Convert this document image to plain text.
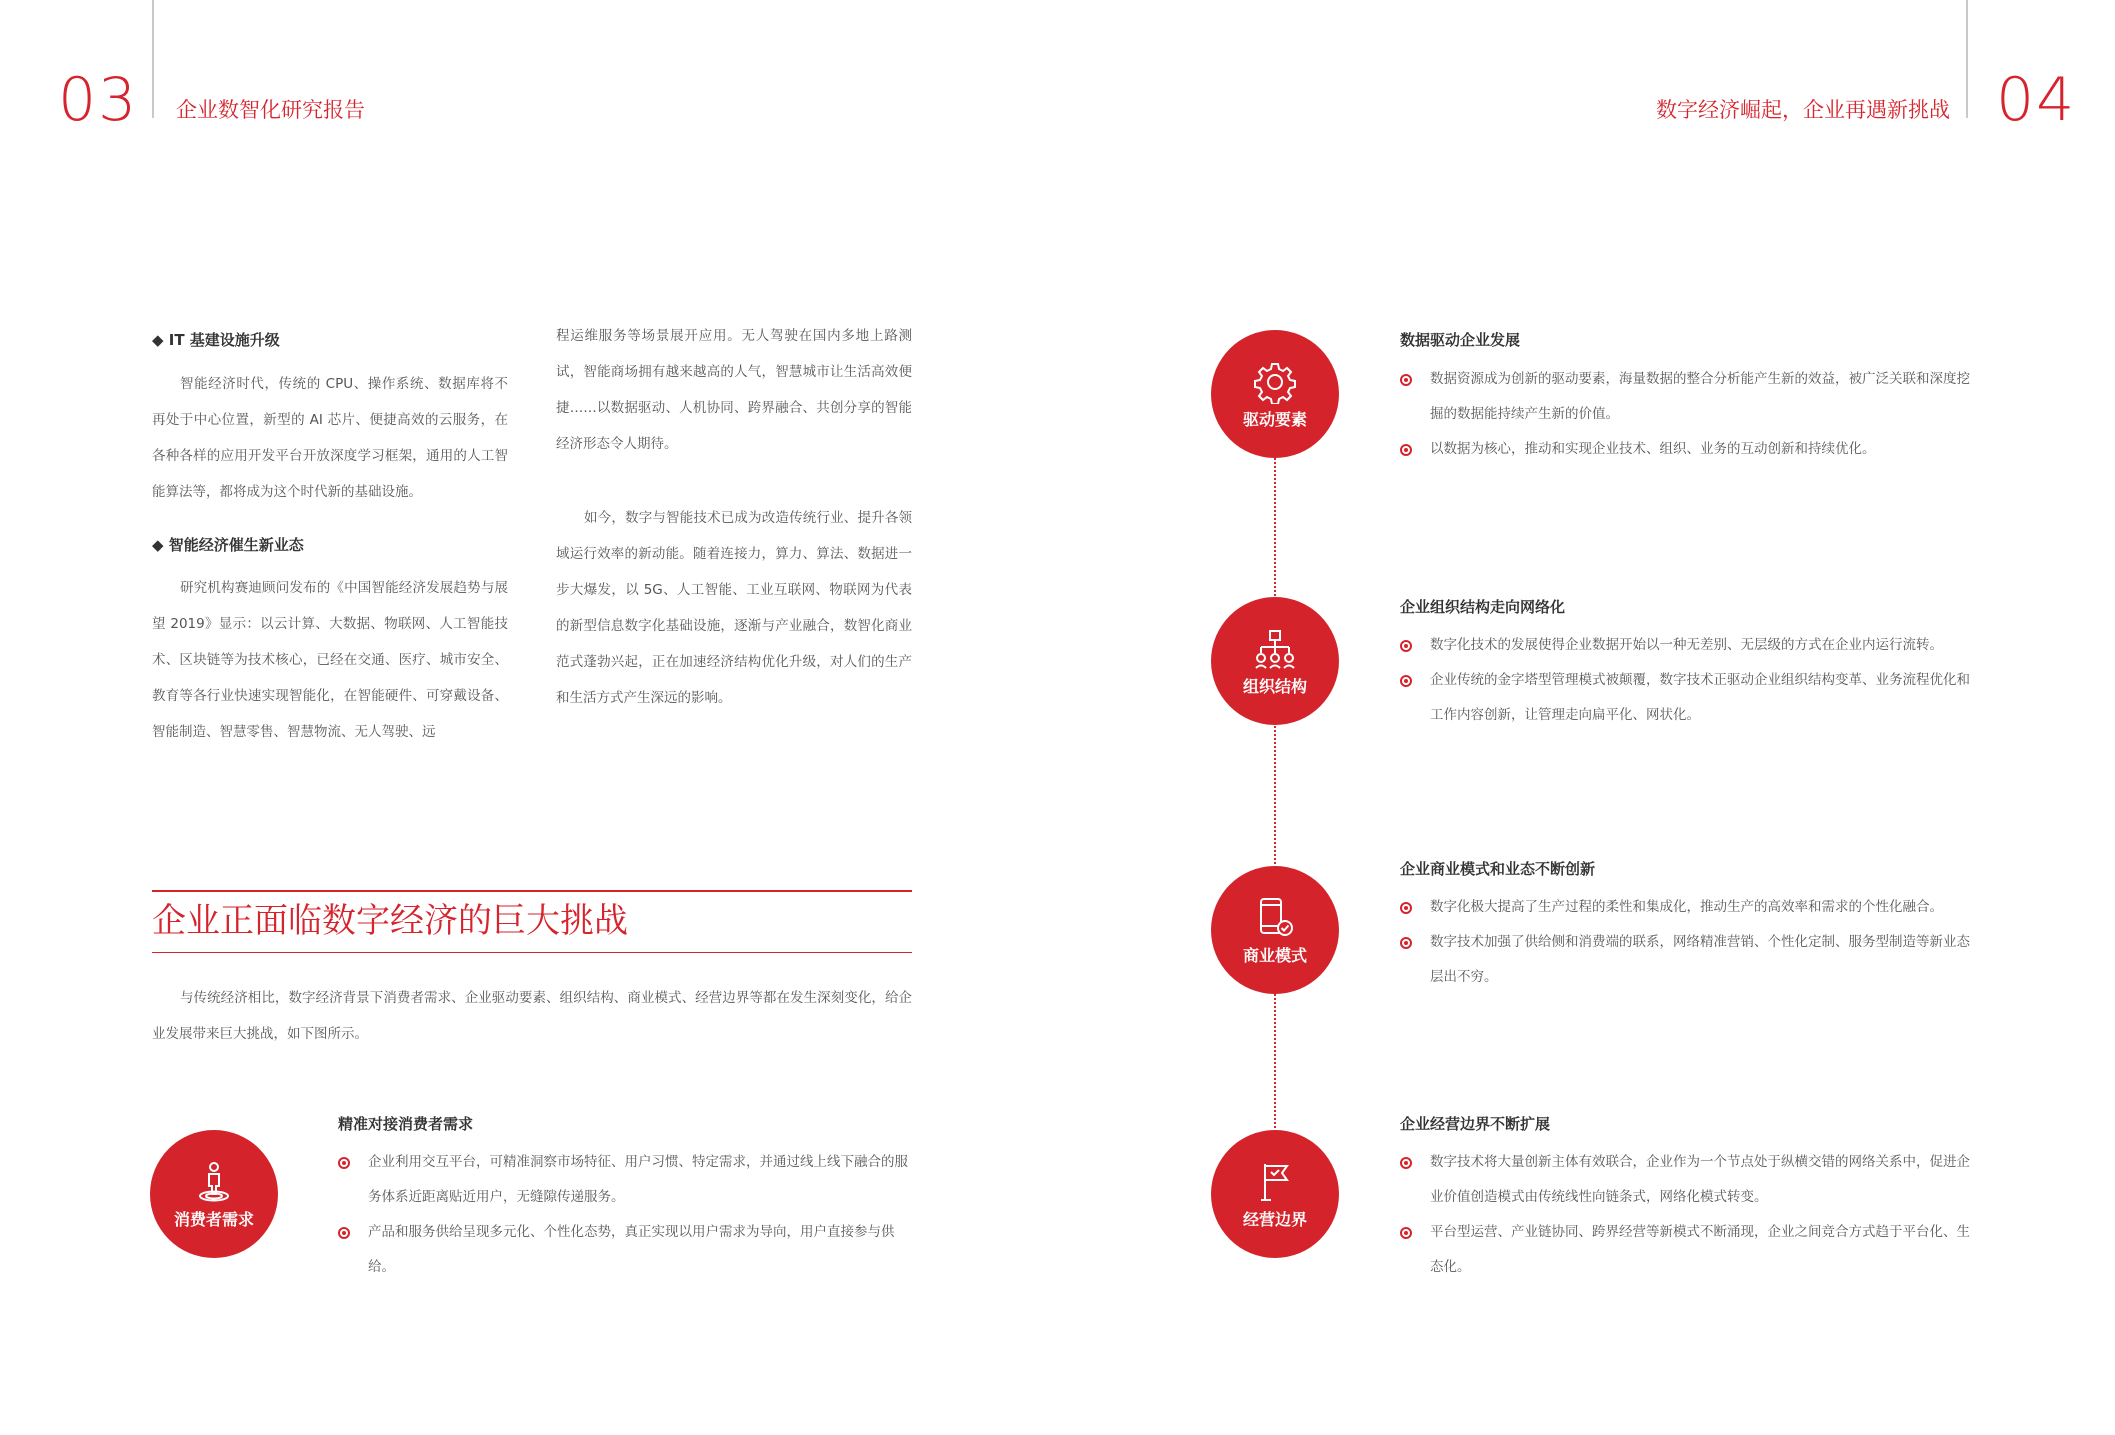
03 企业数智化研究报告	数字经济崛起，企业再遇新挑战 04
◆ IT 基建设施升级

智能经济时代，传统的 CPU、操作系统、数据库将不再处于中心位置，新型的 AI 芯片、便捷高效的云服务，在各种各样的应用开发平台开放深度学习框架，通用的人工智能算法等，都将成为这个时代新的基础设施。

◆ 智能经济催生新业态

研究机构赛迪顾问发布的《中国智能经济发展趋势与展望 2019》显示：以云计算、大数据、物联网、人工智能技术、区块链等为技术核心，已经在交通、医疗、城市安全、教育等各行业快速实现智能化，在智能硬件、可穿戴设备、智能制造、智慧零售、智慧物流、无人驾驶、远

程运维服务等场景展开应用。无人驾驶在国内多地上路测试，智能商场拥有越来越高的人气，智慧城市让生活高效便捷……以数据驱动、人机协同、跨界融合、共创分享的智能经济形态令人期待。

如今，数字与智能技术已成为改造传统行业、提升各领域运行效率的新动能。随着连接力，算力、算法、数据进一步大爆发，以 5G、人工智能、工业互联网、物联网为代表的新型信息数字化基础设施，逐渐与产业融合，数智化商业范式蓬勃兴起，正在加速经济结构优化升级，对人们的生产和生活方式产生深远的影响。

企业正面临数字经济的巨大挑战

与传统经济相比，数字经济背景下消费者需求、企业驱动要素、组织结构、商业模式、经营边界等都在发生深刻变化，给企业发展带来巨大挑战，如下图所示。

消费者需求
精准对接消费者需求
企业利用交互平台，可精准洞察市场特征、用户习惯、特定需求，并通过线上线下融合的服务体系近距离贴近用户，无缝隙传递服务。
产品和服务供给呈现多元化、个性化态势，真正实现以用户需求为导向，用户直接参与供给。
驱动要素
数据驱动企业发展
数据资源成为创新的驱动要素，海量数据的整合分析能产生新的效益，被广泛关联和深度挖掘的数据能持续产生新的价值。
以数据为核心，推动和实现企业技术、组织、业务的互动创新和持续优化。
组织结构
企业组织结构走向网络化
数字化技术的发展使得企业数据开始以一种无差别、无层级的方式在企业内运行流转。
企业传统的金字塔型管理模式被颠覆，数字技术正驱动企业组织结构变革、业务流程优化和工作内容创新，让管理走向扁平化、网状化。
商业模式
企业商业模式和业态不断创新
数字化极大提高了生产过程的柔性和集成化，推动生产的高效率和需求的个性化融合。
数字技术加强了供给侧和消费端的联系，网络精准营销、个性化定制、服务型制造等新业态层出不穷。
经营边界
企业经营边界不断扩展
数字技术将大量创新主体有效联合，企业作为一个节点处于纵横交错的网络关系中，促进企业价值创造模式由传统线性向链条式，网络化模式转变。
平台型运营、产业链协同、跨界经营等新模式不断涌现，企业之间竞合方式趋于平台化、生态化。
